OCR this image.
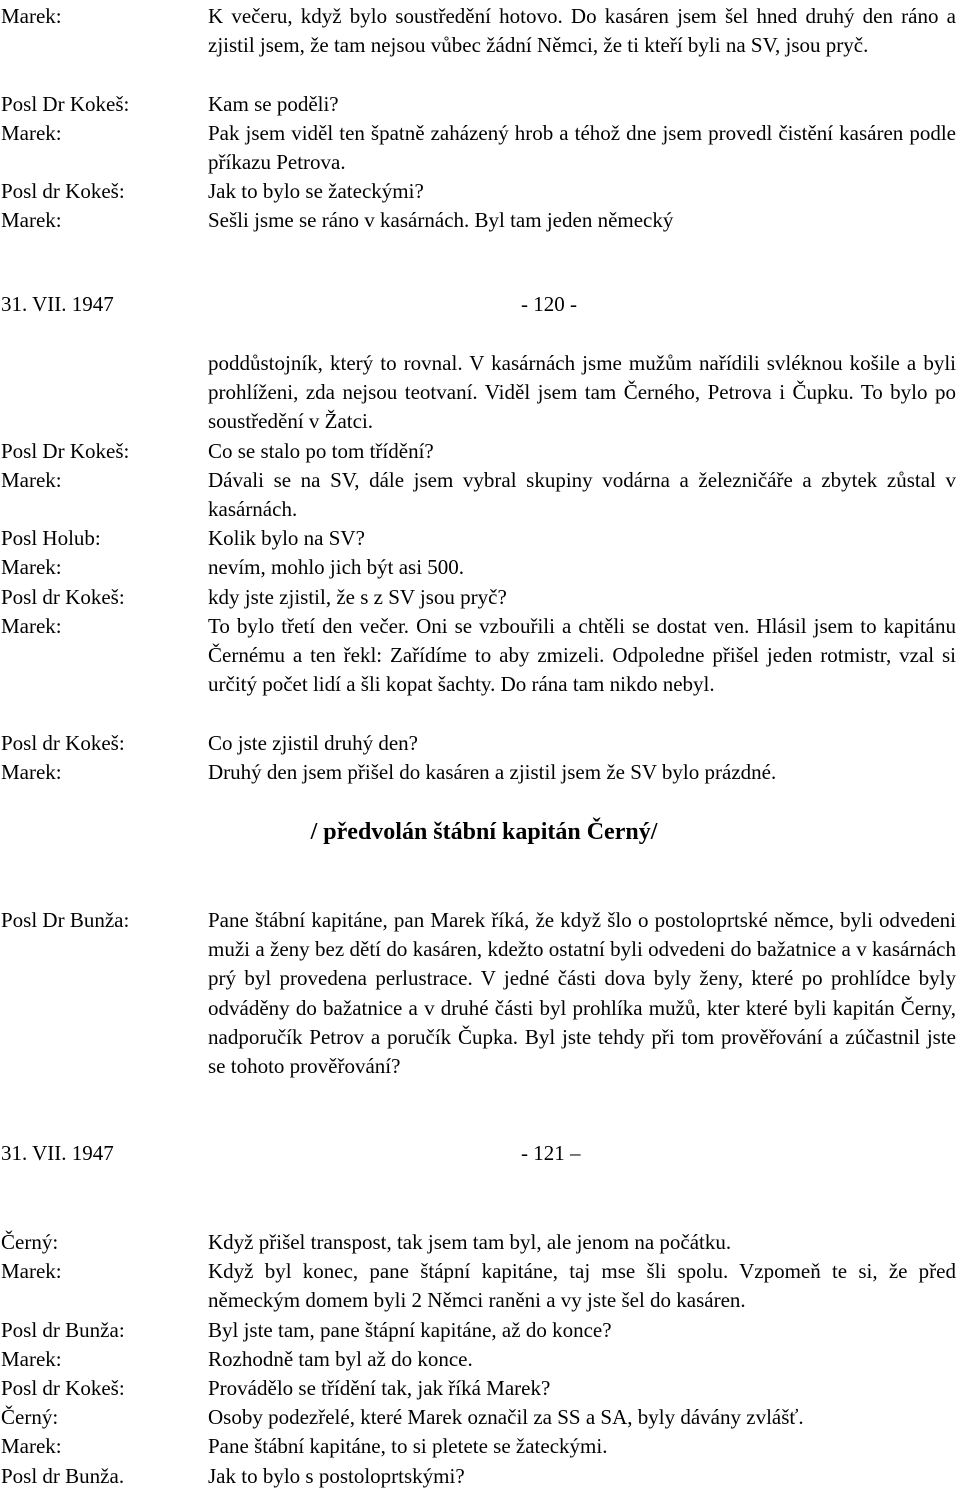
Marek:	K večeru, když bylo soustředění hotovo. Do kasáren jsem šel hned druhý den ráno a zjistil jsem, že tam nejsou vůbec žádní Němci, že ti kteří byli na SV, jsou pryč.
Posl Dr Kokeš:	Kam se poděli?
Marek:	Pak jsem viděl ten špatně zaházený hrob a téhož dne jsem provedl čistění kasáren podle příkazu Petrova.
Posl dr Kokeš:	Jak to bylo se žateckými?
Marek:	Sešli jsme se ráno v kasárnách. Byl tam jeden německý
31. VII. 1947	- 120 -
poddůstojník, který to rovnal. V kasárnách jsme mužům nařídili svléknou košile a byli prohlíženi, zda nejsou teotvaní. Viděl jsem tam Černého, Petrova i Čupku. To bylo po soustředění v Žatci.
Posl Dr Kokeš:	Co se stalo po tom třídění?
Marek:	Dávali se na SV, dále jsem vybral skupiny vodárna a železničáře a zbytek zůstal v kasárnách.
Posl Holub:	Kolik bylo na SV?
Marek:	nevím, mohlo jich být asi 500.
Posl dr Kokeš:	kdy jste zjistil, že s z SV jsou pryč?
Marek:	To bylo třetí den večer. Oni se vzbouřili a chtěli se dostat ven. Hlásil jsem to kapitánu Černému a ten řekl: Zařídíme to aby zmizeli. Odpoledne přišel jeden rotmistr, vzal si určitý počet lidí a šli kopat šachty. Do rána tam nikdo nebyl.
Posl dr Kokeš:	Co jste zjistil druhý den?
Marek:	Druhý den jsem přišel do kasáren a zjistil jsem že SV bylo prázdné.
/ předvolán štábní kapitán Černý/
Posl Dr Bunža:	Pane štábní kapitáne, pan Marek říká, že když šlo o postoloprtské němce, byli odvedeni muži a ženy bez dětí do kasáren, kdežto ostatní byli odvedeni do bažatnice a v kasárnách prý byl provedena perlustrace. V jedné části dova byly ženy, které po prohlídce byly odváděny do bažatnice a v druhé části byl prohlíka mužů, kter které byli kapitán Černy, nadporučík Petrov a poručík Čupka. Byl jste tehdy při tom prověřování a zúčastnil jste se tohoto prověřování?
31. VII. 1947	- 121 –
Černý:	Když přišel transpost, tak jsem tam byl, ale jenom na počátku.
Marek:	Když byl konec, pane štápní kapitáne, taj mse šli spolu. Vzpomeň te si, že před německým domem byli 2 Němci raněni a vy jste šel do kasáren.
Posl dr Bunža:	Byl jste tam, pane štápní kapitáne, až do konce?
Marek:	Rozhodně tam byl až do konce.
Posl dr Kokeš:	Provádělo se třídění tak, jak říká Marek?
Černý:	Osoby podezřelé, které Marek označil za SS a SA, byly dávány zvlášť.
Marek:	Pane štábní kapitáne, to si pletete se žateckými.
Posl dr Bunža.	Jak to bylo s postoloprtskými?
